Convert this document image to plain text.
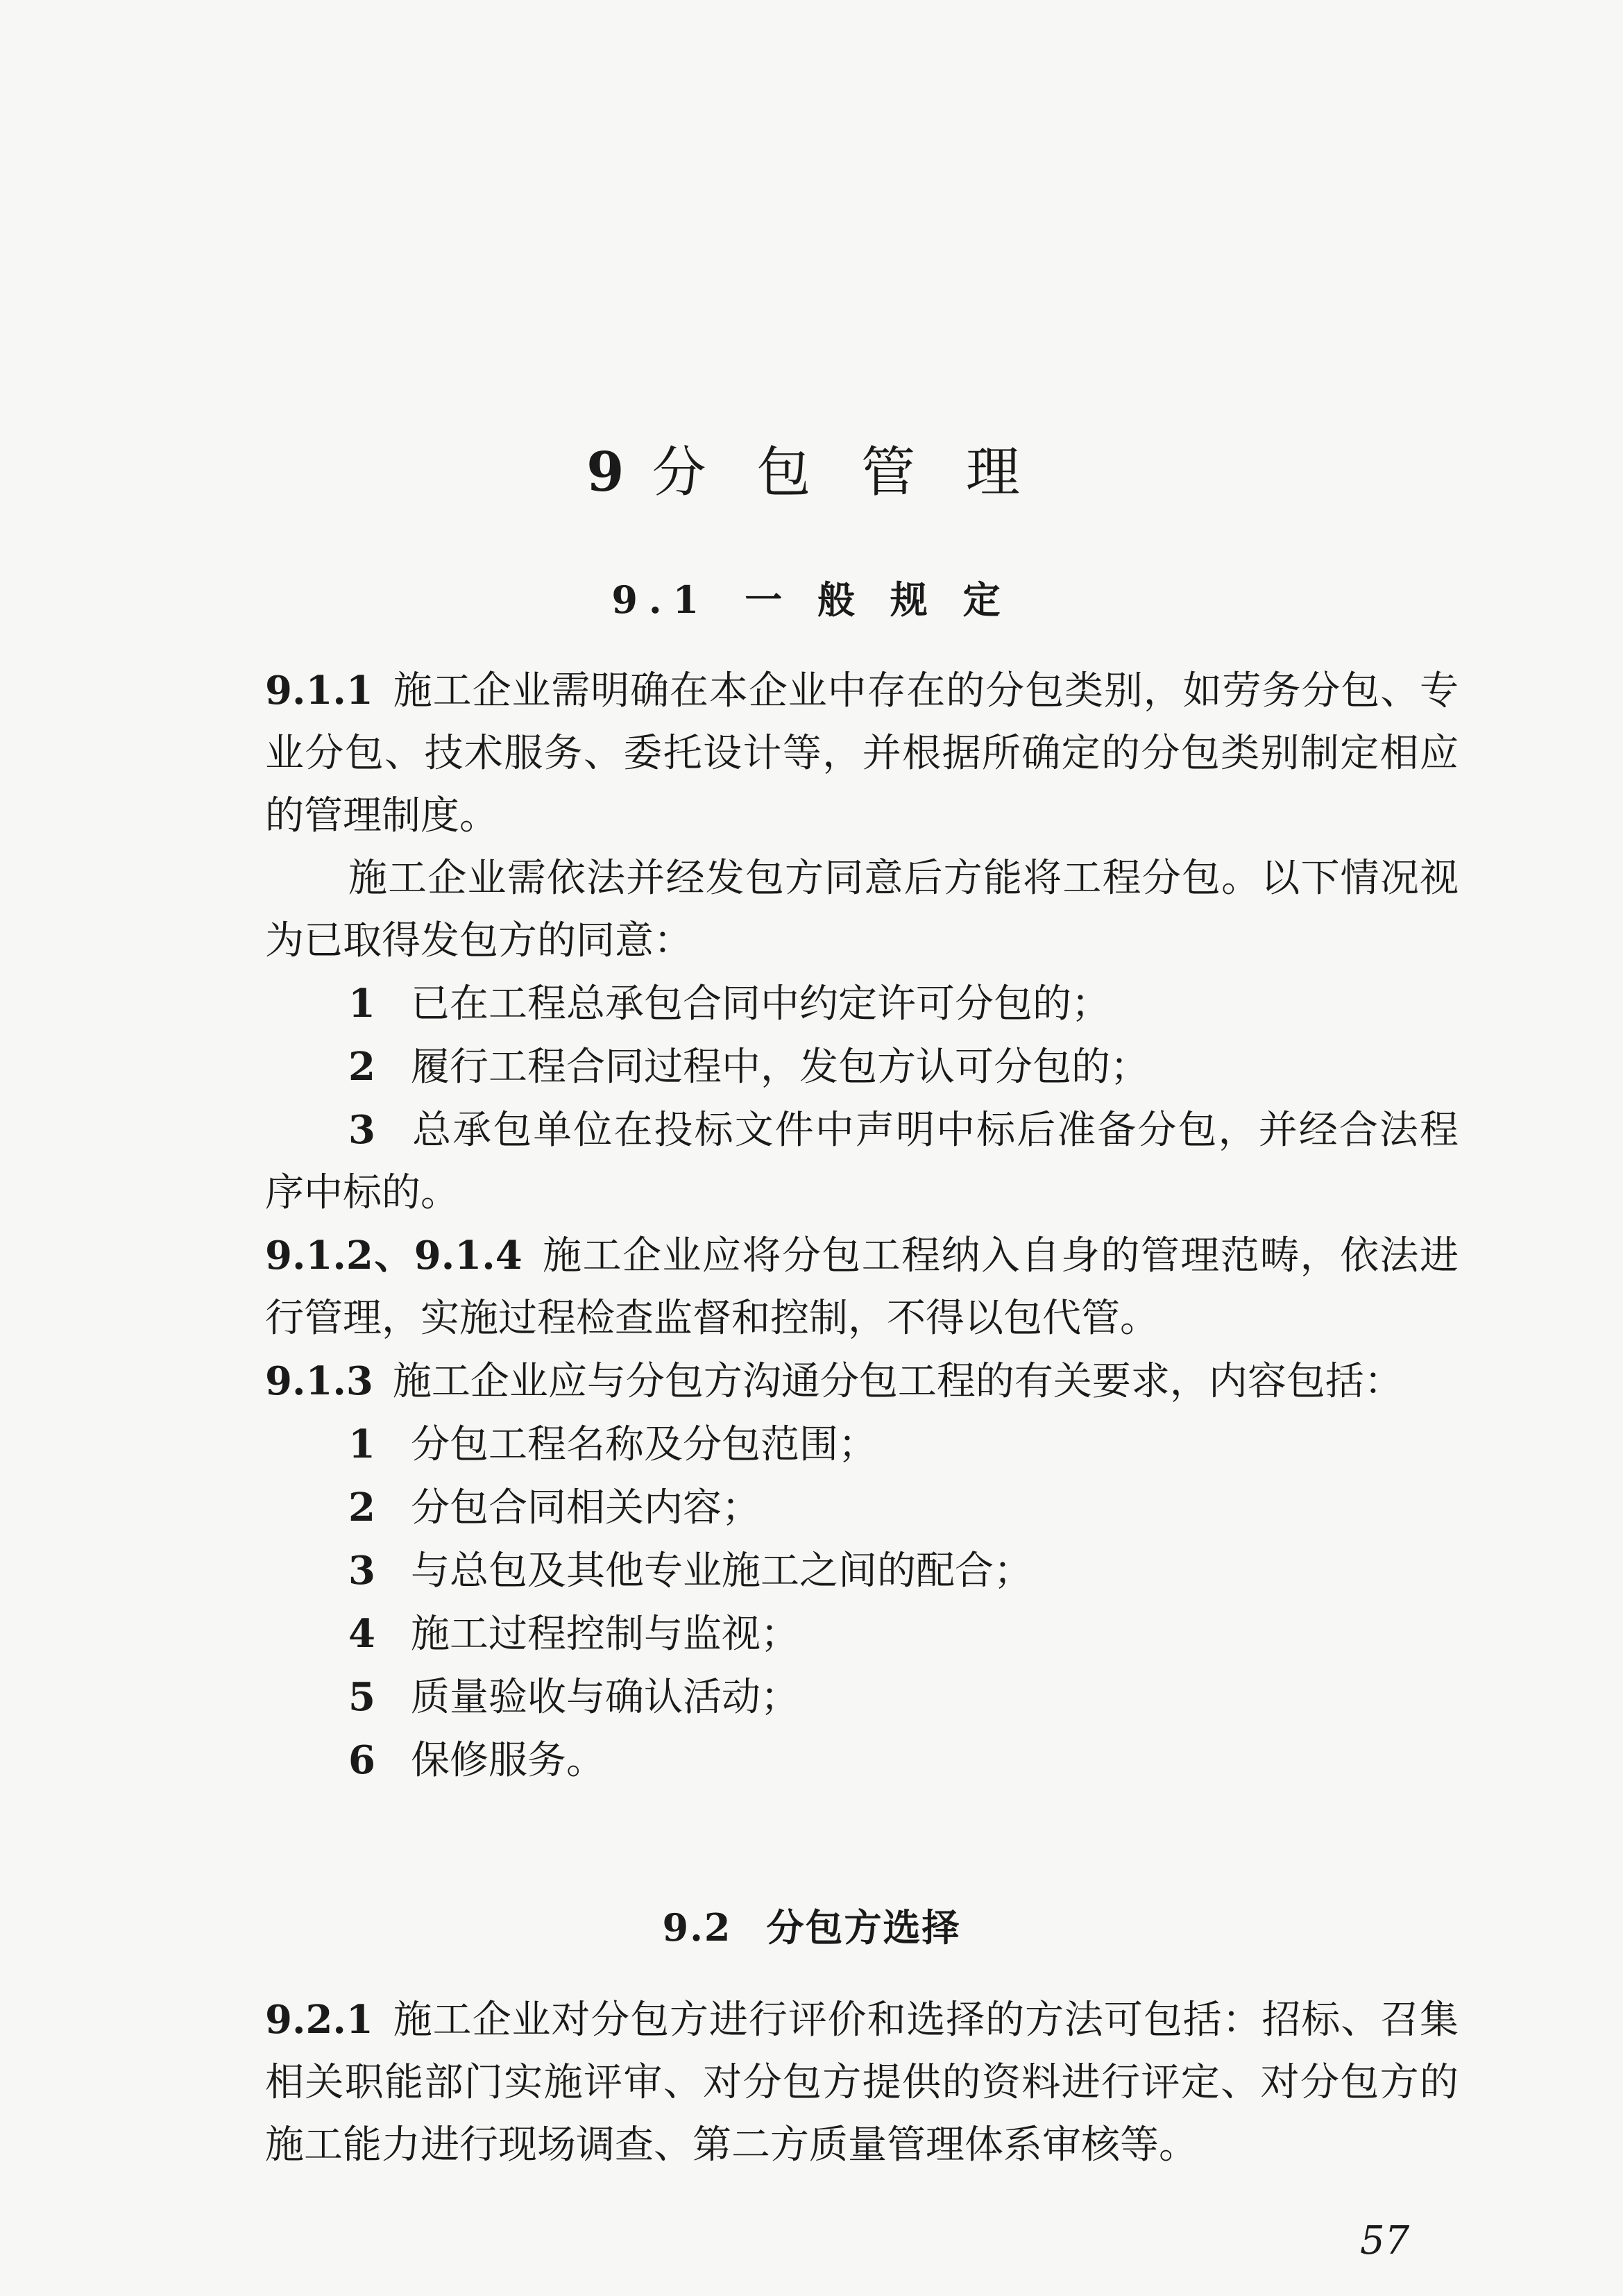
9 分 包 管 理
9.1 一 般 规 定

9.1.1 施工企业需明确在本企业中存在的分包类别，如劳务分包、专业分包、技术服务、委托设计等，并根据所确定的分包类别制定相应的管理制度。

施工企业需依法并经发包方同意后方能将工程分包。以下情况视为已取得发包方的同意：

1 已在工程总承包合同中约定许可分包的；

2 履行工程合同过程中，发包方认可分包的；

3 总承包单位在投标文件中声明中标后准备分包，并经合法程序中标的。

9.1.2、9.1.4 施工企业应将分包工程纳入自身的管理范畴，依法进行管理，实施过程检查监督和控制，不得以包代管。

9.1.3 施工企业应与分包方沟通分包工程的有关要求，内容包括：

1 分包工程名称及分包范围；

2 分包合同相关内容；

3 与总包及其他专业施工之间的配合；

4 施工过程控制与监视；

5 质量验收与确认活动；

6 保修服务。

9.2 分包方选择

9.2.1 施工企业对分包方进行评价和选择的方法可包括：招标、召集相关职能部门实施评审、对分包方提供的资料进行评定、对分包方的施工能力进行现场调查、第二方质量管理体系审核等。

57
